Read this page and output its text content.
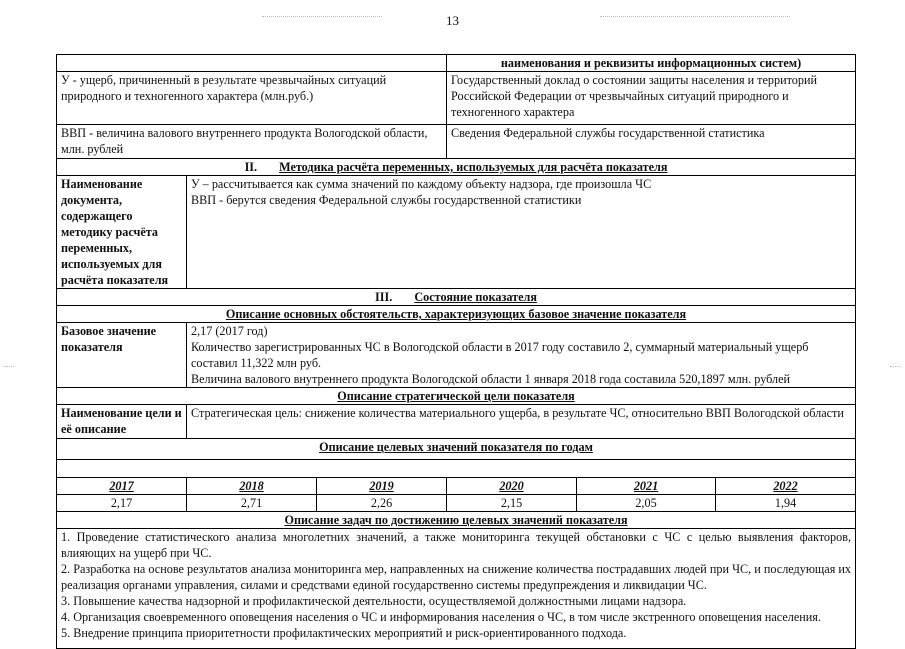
13
			наименования и реквизиты информационных систем)		
У - ущерб, причиненный в результате чрезвычайных ситуаций природного и техногенного характера (млн.руб.)			Государственный доклад о состоянии защиты населения и территорий Российской Федерации от чрезвычайных ситуаций природного и техногенного характера		
ВВП - величина валового внутреннего продукта Вологодской области, млн. рублей			Сведения Федеральной службы государственной статистика		
II. Методика расчёта переменных, используемых для расчёта показателя					
Наименование документа, содержащего методику расчёта переменных, используемых для расчёта показателя	У – рассчитывается как сумма значений по каждому объекту надзора, где произошла ЧС
ВВП - берутся сведения Федеральной службы государственной статистики				

III. Состояние показателя					
Описание основных обстоятельств, характеризующих базовое значение показателя					
Базовое значение показателя	2,17 (2017 год)
Количество зарегистрированных ЧС в Вологодской области в 2017 году составило 2, суммарный материальный ущерб составил 11,322 млн руб.
Величина валового внутреннего продукта Вологодской области 1 января 2018 года составила 520,1897 млн. рублей				

Описание стратегической цели показателя					
Наименование цели и её описание	Стратегическая цель: снижение количества материального ущерба, в результате ЧС, относительно ВВП Вологодской области				
Описание целевых значений показателя по годам					

2017	2018	2019	2020	2021	2022
2,17	2,71	2,26	2,15	2,05	1,94
Описание задач по достижению целевых значений показателя					

1. Проведение статистического анализа многолетних значений, а также мониторинга текущей обстановки с ЧС с целью выявления факторов, влияющих на ущерб при ЧС.
2. Разработка на основе результатов анализа мониторинга мер, направленных на снижение количества пострадавших людей при ЧС, и последующая их реализация органами управления, силами и средствами единой государственно системы предупреждения и ликвидации ЧС.
3. Повышение качества надзорной и профилактической деятельности, осуществляемой должностными лицами надзора.
4. Организация своевременного оповещения населения о ЧС и информирования населения о ЧС, в том числе экстренного оповещения населения.
5. Внедрение принципа приоритетности профилактических мероприятий и риск-ориентированного подхода.					
